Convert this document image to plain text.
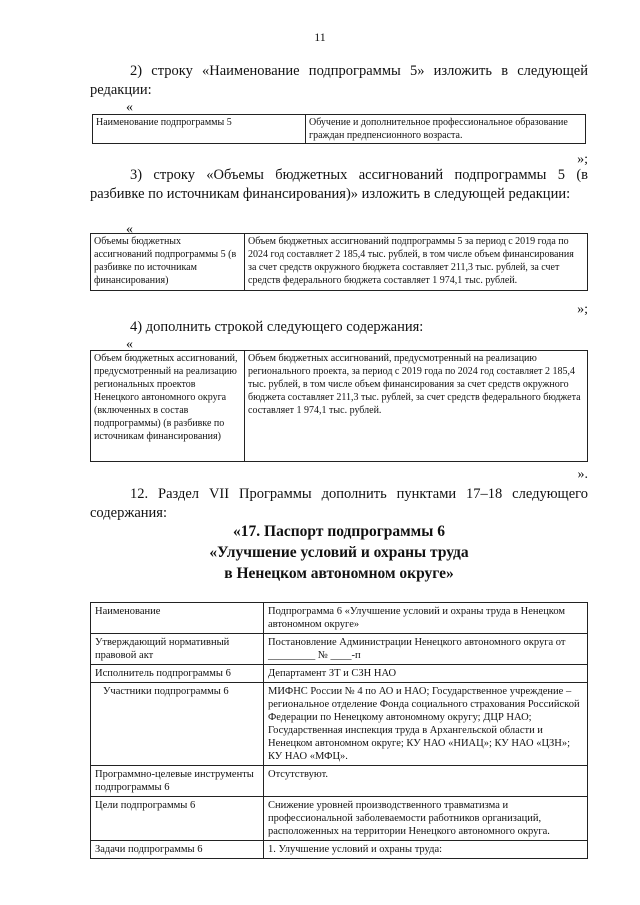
11
2) строку «Наименование подпрограммы 5» изложить в следующей редакции:
«
Наименование подпрограммы 5	Обучение и дополнительное профессиональное образование граждан предпенсионного возраста.
»;
3) строку «Объемы бюджетных ассигнований подпрограммы 5 (в разбивке по источникам финансирования)» изложить в следующей редакции:
«
Объемы бюджетных ассигнований подпрограммы 5 (в разбивке по источникам финансирования)	Объем бюджетных ассигнований подпрограммы 5 за период с 2019 года по 2024 год составляет 2 185,4 тыс. рублей, в том числе объем финансирования за счет средств окружного бюджета составляет 211,3 тыс. рублей, за счет средств федерального бюджета составляет 1 974,1 тыс. рублей.
»;
4) дополнить строкой следующего содержания:
«
Объем бюджетных ассигнований, предусмотренный на реализацию региональных проектов Ненецкого автономного округа (включенных в состав подпрограммы) (в разбивке по источникам финансирования)	Объем бюджетных ассигнований, предусмотренный на реализацию регионального проекта, за период с 2019 года по 2024 год составляет 2 185,4 тыс. рублей, в том числе объем финансирования за счет средств окружного бюджета составляет 211,3 тыс. рублей, за счет средств федерального бюджета составляет 1 974,1 тыс. рублей.
».
12. Раздел VII Программы дополнить пунктами 17–18 следующего содержания:
«17. Паспорт подпрограммы 6
«Улучшение условий и охраны труда
в Ненецком автономном округе»
Наименование	Подпрограмма 6 «Улучшение условий и охраны труда в Ненецком автономном округе»
Утверждающий нормативный правовой акт	Постановление Администрации Ненецкого автономного округа от _________ № ____-п
Исполнитель подпрограммы 6	Департамент ЗТ и СЗН НАО
Участники подпрограммы 6	МИФНС России № 4 по АО и НАО; Государственное учреждение – региональное отделение Фонда социального страхования Российской Федерации по Ненецкому автономному округу; ДЦР НАО; Государственная инспекция труда в Архангельской области и Ненецком автономном округе; КУ НАО «НИАЦ»; КУ НАО «ЦЗН»; КУ НАО «МФЦ».
Программно-целевые инструменты подпрограммы 6	Отсутствуют.
Цели подпрограммы 6	Снижение уровней производственного травматизма и профессиональной заболеваемости работников организаций, расположенных на территории Ненецкого автономного округа.
Задачи подпрограммы 6	1. Улучшение условий и охраны труда:
